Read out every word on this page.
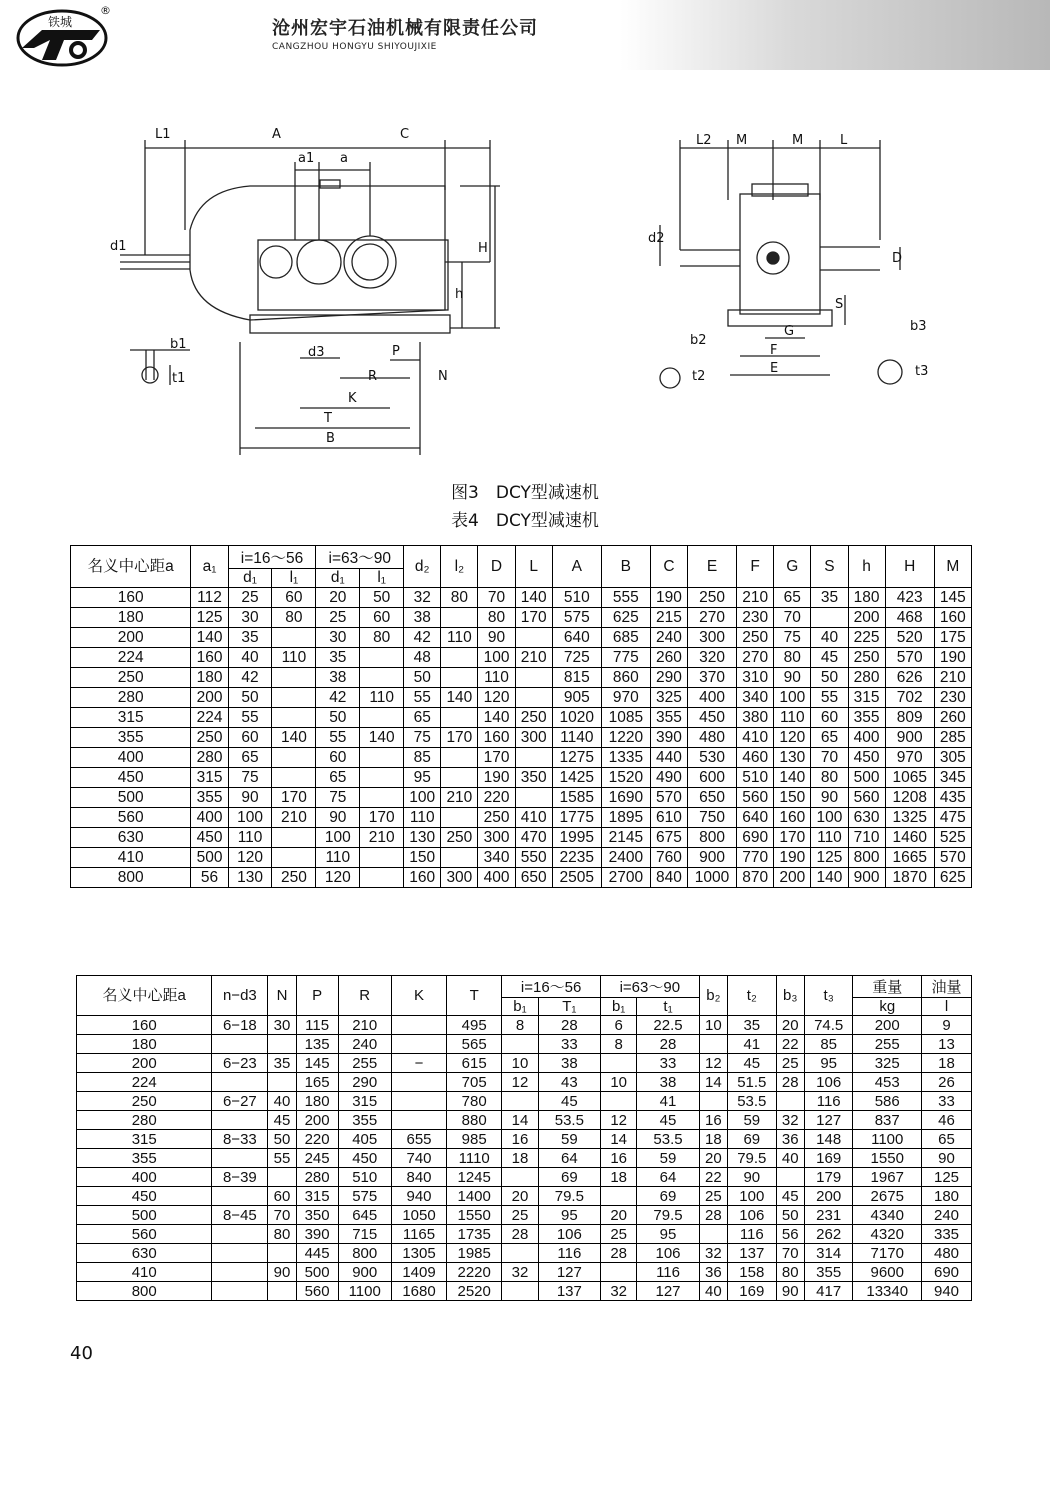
铁城
®
沧州宏宇石油机械有限责任公司
CANGZHOU HONGYU SHIYOUJIXIE
L1	A	C
a1 a
d1	H
h
b1
t1
d3	P
R	N
K
T
B
L2 M	M	L
d2
D
S
G
F
E
b2
t2
b3
t3
图3　DCY型减速机
表4　DCY型减速机
名义中心距a	a₁	i=16～56		i=63～90		d₂	l₂	D	L	A	B	C	E	F	G	S	h	H	M
		d₁	l₁	d₁	l₁														
160	112	25	60	20	50	32	80	70	140	510	555	190	250	210	65	35	180	423	145
180	125	30	80	25	60	38		80	170	575	625	215	270	230	70		200	468	160
200	140	35		30	80	42	110	90		640	685	240	300	250	75	40	225	520	175
224	160	40	110	35		48		100	210	725	775	260	320	270	80	45	250	570	190
250	180	42		38		50		110		815	860	290	370	310	90	50	280	626	210
280	200	50		42	110	55	140	120		905	970	325	400	340	100	55	315	702	230
315	224	55		50		65		140	250	1020	1085	355	450	380	110	60	355	809	260
355	250	60	140	55	140	75	170	160	300	1140	1220	390	480	410	120	65	400	900	285
400	280	65		60		85		170		1275	1335	440	530	460	130	70	450	970	305
450	315	75		65		95		190	350	1425	1520	490	600	510	140	80	500	1065	345
500	355	90	170	75		100	210	220		1585	1690	570	650	560	150	90	560	1208	435
560	400	100	210	90	170	110		250	410	1775	1895	610	750	640	160	100	630	1325	475
630	450	110		100	210	130	250	300	470	1995	2145	675	800	690	170	110	710	1460	525
410	500	120		110		150		340	550	2235	2400	760	900	770	190	125	800	1665	570
800	56	130	250	120		160	300	400	650	2505	2700	840	1000	870	200	140	900	1870	625
名义中心距a	n−d3	N	P	R	K	T	i=16～56		i=63～90		b₂	t₂	b₃	t₃	重量	油量
							b₁	T₁	b₁	t₁					kg	l
160	6−18	30	115	210		495	8	28	6	22.5	10	35	20	74.5	200	9
180			135	240		565		33	8	28		41	22	85	255	13
200	6−23	35	145	255	−	615	10	38		33	12	45	25	95	325	18
224			165	290		705	12	43	10	38	14	51.5	28	106	453	26
250	6−27	40	180	315		780		45		41		53.5		116	586	33
280		45	200	355		880	14	53.5	12	45	16	59	32	127	837	46
315	8−33	50	220	405	655	985	16	59	14	53.5	18	69	36	148	1100	65
355		55	245	450	740	1110	18	64	16	59	20	79.5	40	169	1550	90
400	8−39		280	510	840	1245		69	18	64	22	90		179	1967	125
450		60	315	575	940	1400	20	79.5		69	25	100	45	200	2675	180
500	8−45	70	350	645	1050	1550	25	95	20	79.5	28	106	50	231	4340	240
560		80	390	715	1165	1735	28	106	25	95		116	56	262	4320	335
630			445	800	1305	1985		116	28	106	32	137	70	314	7170	480
410		90	500	900	1409	2220	32	127		116	36	158	80	355	9600	690
800			560	1100	1680	2520		137	32	127	40	169	90	417	13340	940
40
